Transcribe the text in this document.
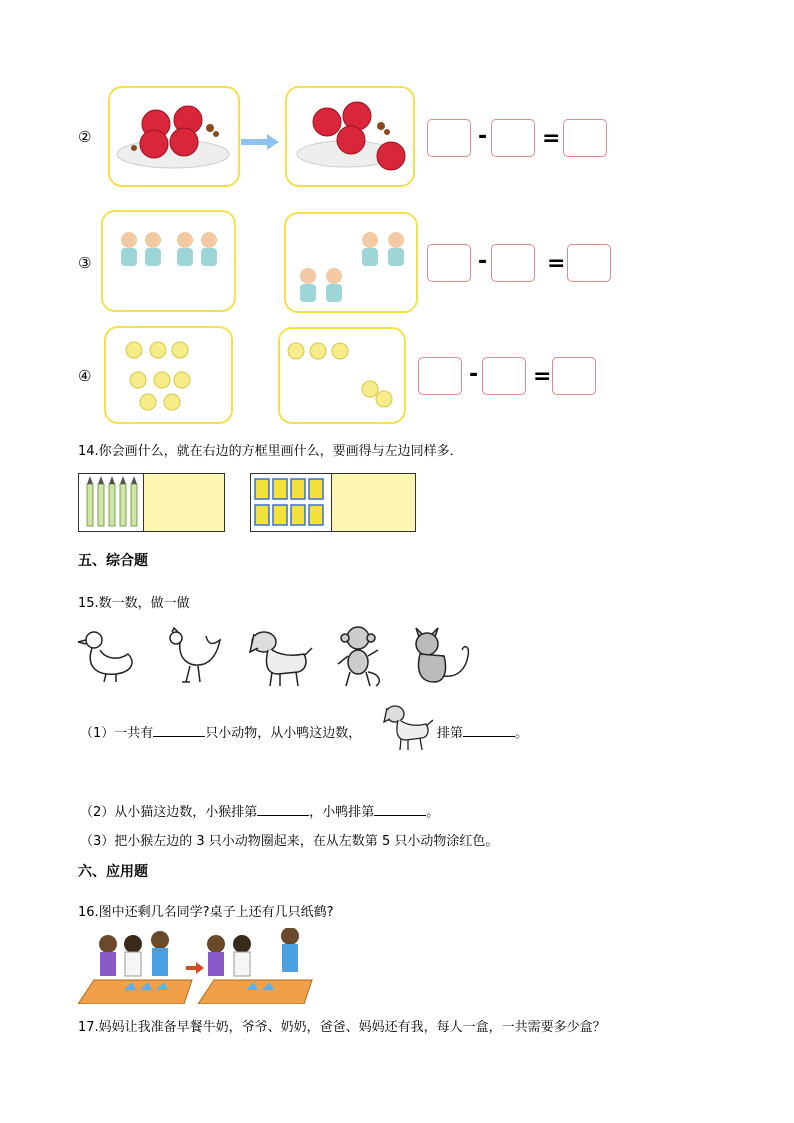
②	- =
③	-	=
④	- =
14.你会画什么，就在右边的方框里画什么，要画得与左边同样多．
五、综合题
15.数一数，做一做
（1）一共有	只小动物，从小鸭这边数，	排第	。
（2）从小猫这边数，小猴排第	，小鸭排第	。
（3）把小猴左边的 3 只小动物圈起来，在从左数第 5 只小动物涂红色。
六、应用题
16.图中还剩几名同学?桌子上还有几只纸鹤?
17.妈妈让我准备早餐牛奶，爷爷、奶奶，爸爸、妈妈还有我，每人一盒，一共需要多少盒？
